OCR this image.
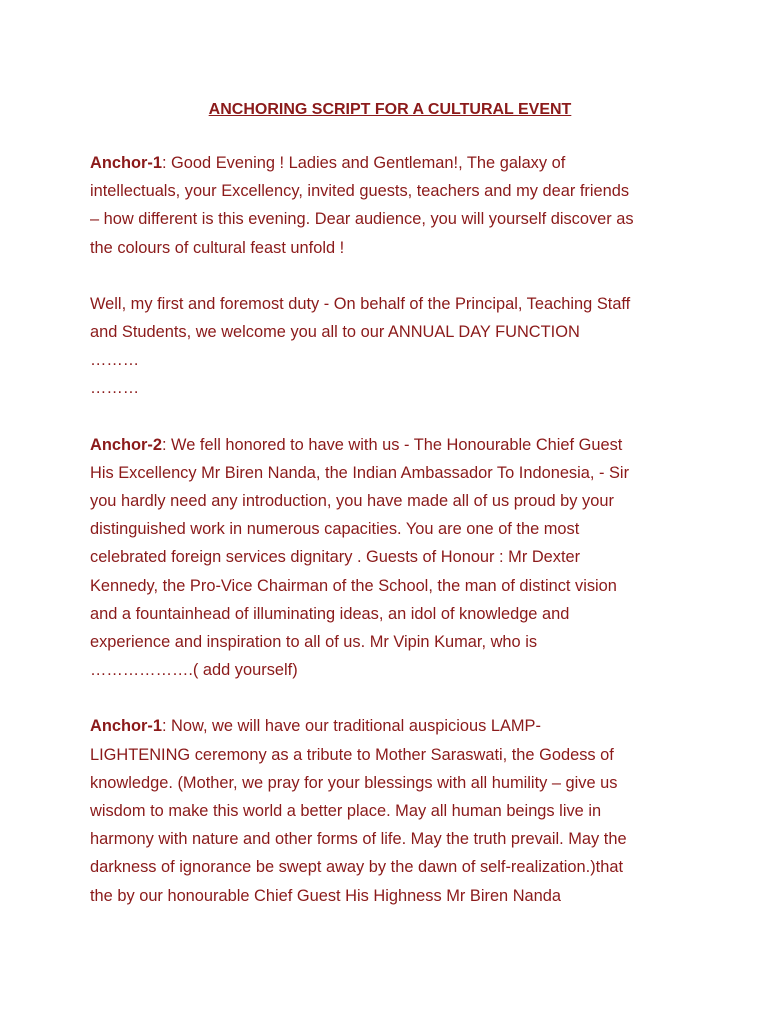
ANCHORING SCRIPT FOR A CULTURAL EVENT
Anchor-1: Good Evening ! Ladies and Gentleman!, The galaxy of
intellectuals, your Excellency, invited guests, teachers and my dear friends
– how different is this evening. Dear audience, you will yourself discover as
the colours of cultural feast unfold !
Well, my first and foremost duty - On behalf of the Principal, Teaching Staff
and Students, we welcome you all to our ANNUAL DAY FUNCTION
………
………
Anchor-2: We fell honored to have with us - The Honourable Chief Guest
His Excellency Mr Biren Nanda, the Indian Ambassador To Indonesia, - Sir
you hardly need any introduction, you have made all of us proud by your
distinguished work in numerous capacities. You are one of the most
celebrated foreign services dignitary . Guests of Honour : Mr Dexter
Kennedy, the Pro-Vice Chairman of the School, the man of distinct vision
and a fountainhead of illuminating ideas, an idol of knowledge and
experience and inspiration to all of us. Mr Vipin Kumar, who is
……………….( add yourself)
Anchor-1: Now, we will have our traditional auspicious LAMP-
LIGHTENING ceremony as a tribute to Mother Saraswati, the Godess of
knowledge. (Mother, we pray for your blessings with all humility – give us
wisdom to make this world a better place. May all human beings live in
harmony with nature and other forms of life. May the truth prevail. May the
darkness of ignorance be swept away by the dawn of self-realization.)that
the by our honourable Chief Guest His Highness Mr Biren Nanda
